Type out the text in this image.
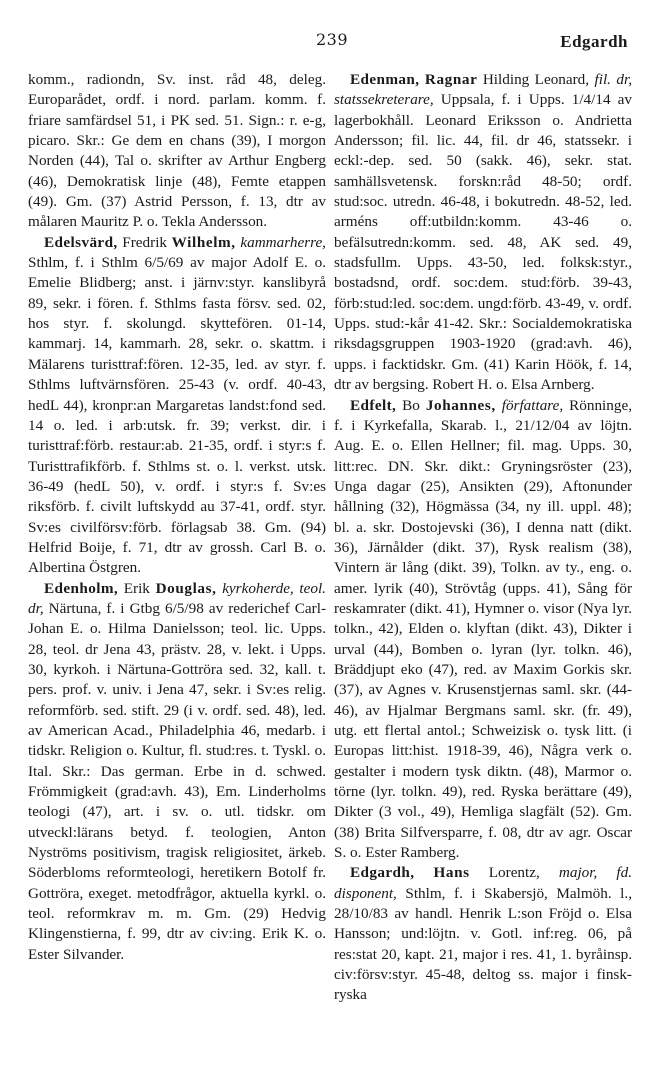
239	Edgardh

komm., radiondn, Sv. inst. råd 48, deleg. Europarådet, ordf. i nord. parlam. komm. f. friare samfärdsel 51, i PK sed. 51. Sign.: r. e-g, picaro. Skr.: Ge dem en chans (39), I morgon Norden (44), Tal o. skrifter av Arthur Engberg (46), Demokratisk linje (48), Femte etappen (49). Gm. (37) Astrid Persson, f. 13, dtr av målaren Mauritz P. o. Tekla Andersson.

Edelsvärd, Fredrik Wilhelm, kammarherre, Sthlm, f. i Sthlm 6/5/69 av major Adolf E. o. Emelie Blidberg; anst. i järnv:styr. kanslibyrå 89, sekr. i fören. f. Sthlms fasta försv. sed. 02, hos styr. f. skolungd. skyttefören. 01-14, kammarj. 14, kammarh. 28, sekr. o. skattm. i Mälarens turisttraf:fören. 12-35, led. av styr. f. Sthlms luftvärnsfören. 25-43 (v. ordf. 40-43, hedL 44), kronpr:an Margaretas landst:fond sed. 14 o. led. i arb:utsk. fr. 39; verkst. dir. i turisttraf:förb. restaur:ab. 21-35, ordf. i styr:s f. Turisttrafikförb. f. Sthlms st. o. l. verkst. utsk. 36-49 (hedL 50), v. ordf. i styr:s f. Sv:es riksförb. f. civilt luftskydd au 37-41, ordf. styr. Sv:es civilförsv:förb. förlagsab 38. Gm. (94) Helfrid Boije, f. 71, dtr av grossh. Carl B. o. Albertina Östgren.

Edenholm, Erik Douglas, kyrkoherde, teol. dr, Närtuna, f. i Gtbg 6/5/98 av rederichef Carl-Johan E. o. Hilma Danielsson; teol. lic. Upps. 28, teol. dr Jena 43, prästv. 28, v. lekt. i Upps. 30, kyrkoh. i Närtuna-Gottröra sed. 32, kall. t. pers. prof. v. univ. i Jena 47, sekr. i Sv:es relig. reformförb. sed. stift. 29 (i v. ordf. sed. 48), led. av American Acad., Philadelphia 46, medarb. i tidskr. Religion o. Kultur, fl. stud:res. t. Tyskl. o. Ital. Skr.: Das german. Erbe in d. schwed. Frömmigkeit (grad:avh. 43), Em. Linderholms teologi (47), art. i sv. o. utl. tidskr. om utveckl:lärans betyd. f. teologien, Anton Nyströms positivism, tragisk religiositet, ärkeb. Söderbloms reformteologi, heretikern Botolf fr. Gottröra, exeget. metodfrågor, aktuella kyrkl. o. teol. reformkrav m. m. Gm. (29) Hedvig Klingenstierna, f. 99, dtr av civ:ing. Erik K. o. Ester Silvander.

Edenman, Ragnar Hilding Leonard, fil. dr, statssekreterare, Uppsala, f. i Upps. 1/4/14 av lagerbokhåll. Leonard Eriksson o. Andrietta Andersson; fil. lic. 44, fil. dr 46, statssekr. i eckl:-dep. sed. 50 (sakk. 46), sekr. stat. samhällsvetensk. forskn:råd 48-50; ordf. stud:soc. utredn. 46-48, i bokutredn. 48-52, led. arméns off:utbildn:komm. 43-46 o. befälsutredn:komm. sed. 48, AK sed. 49, stadsfullm. Upps. 43-50, led. folksk:styr., bostadsnd, ordf. soc:dem. stud:förb. 39-43, förb:stud:led. soc:dem. ungd:förb. 43-49, v. ordf. Upps. stud:-kår 41-42. Skr.: Socialdemokratiska riksdagsgruppen 1903-1920 (grad:avh. 46), upps. i facktidskr. Gm. (41) Karin Höök, f. 14, dtr av bergsing. Robert H. o. Elsa Arnberg.

Edfelt, Bo Johannes, författare, Rönninge, f. i Kyrkefalla, Skarab. l., 21/12/04 av löjtn. Aug. E. o. Ellen Hellner; fil. mag. Upps. 30, litt:rec. DN. Skr. dikt.: Gryningsröster (23), Unga dagar (25), Ansikten (29), Aftonunder hållning (32), Högmässa (34, ny ill. uppl. 48); bl. a. skr. Dostojevski (36), I denna natt (dikt. 36), Järnålder (dikt. 37), Rysk realism (38), Vintern är lång (dikt. 39), Tolkn. av ty., eng. o. amer. lyrik (40), Strövtåg (upps. 41), Sång för reskamrater (dikt. 41), Hymner o. visor (Nya lyr. tolkn., 42), Elden o. klyftan (dikt. 43), Dikter i urval (44), Bomben o. lyran (lyr. tolkn. 46), Bräddjupt eko (47), red. av Maxim Gorkis skr. (37), av Agnes v. Krusenstjernas saml. skr. (44-46), av Hjalmar Bergmans saml. skr. (fr. 49), utg. ett flertal antol.; Schweizisk o. tysk litt. (i Europas litt:hist. 1918-39, 46), Några verk o. gestalter i modern tysk diktn. (48), Marmor o. törne (lyr. tolkn. 49), red. Ryska berättare (49), Dikter (3 vol., 49), Hemliga slagfält (52). Gm. (38) Brita Silfversparre, f. 08, dtr av agr. Oscar S. o. Ester Ramberg.

Edgardh, Hans Lorentz, major, fd. disponent, Sthlm, f. i Skabersjö, Malmöh. l., 28/10/83 av handl. Henrik L:son Fröjd o. Elsa Hansson; und:löjtn. v. Gotl. inf:reg. 06, på res:stat 20, kapt. 21, major i res. 41, 1. byråinsp. civ:försv:styr. 45-48, deltog ss. major i finsk-ryska
